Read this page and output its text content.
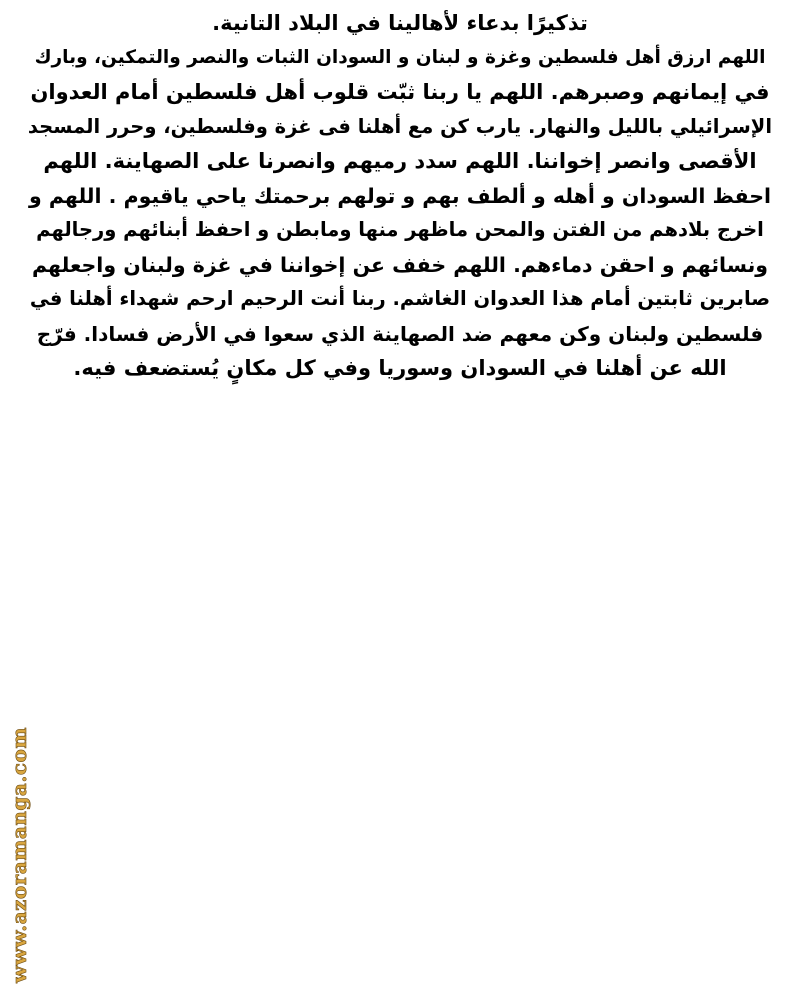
تذكيرًا بدعاء لأهالينا في البلاد التانية.
اللهم ارزق أهل فلسطين وغزة و لبنان و السودان الثبات والنصر والتمكين، وبارك
في إيمانهم وصبرهم. اللهم يا ربنا ثبّت قلوب أهل فلسطين أمام العدوان
الإسرائيلي بالليل والنهار. يارب كن مع أهلنا فى غزة وفلسطين، وحرر المسجد
الأقصى وانصر إخواننا. اللهم سدد رميهم وانصرنا على الصهاينة. اللهم
احفظ السودان و أهله و ألطف بهم و تولهم برحمتك ياحي ياقيوم . اللهم و
اخرج بلادهم من الفتن والمحن ماظهر منها ومابطن و احفظ أبنائهم ورجالهم
ونسائهم و احقن دماءهم. اللهم خفف عن إخواننا في غزة ولبنان واجعلهم
صابرين ثابتين أمام هذا العدوان الغاشم. ربنا أنت الرحيم ارحم شهداء أهلنا في
فلسطين ولبنان وكن معهم ضد الصهاينة الذي سعوا في الأرض فسادا. فرّج
الله عن أهلنا في السودان وسوريا وفي كل مكانٍ يُستضعف فيه.
www.azoramanga.com
